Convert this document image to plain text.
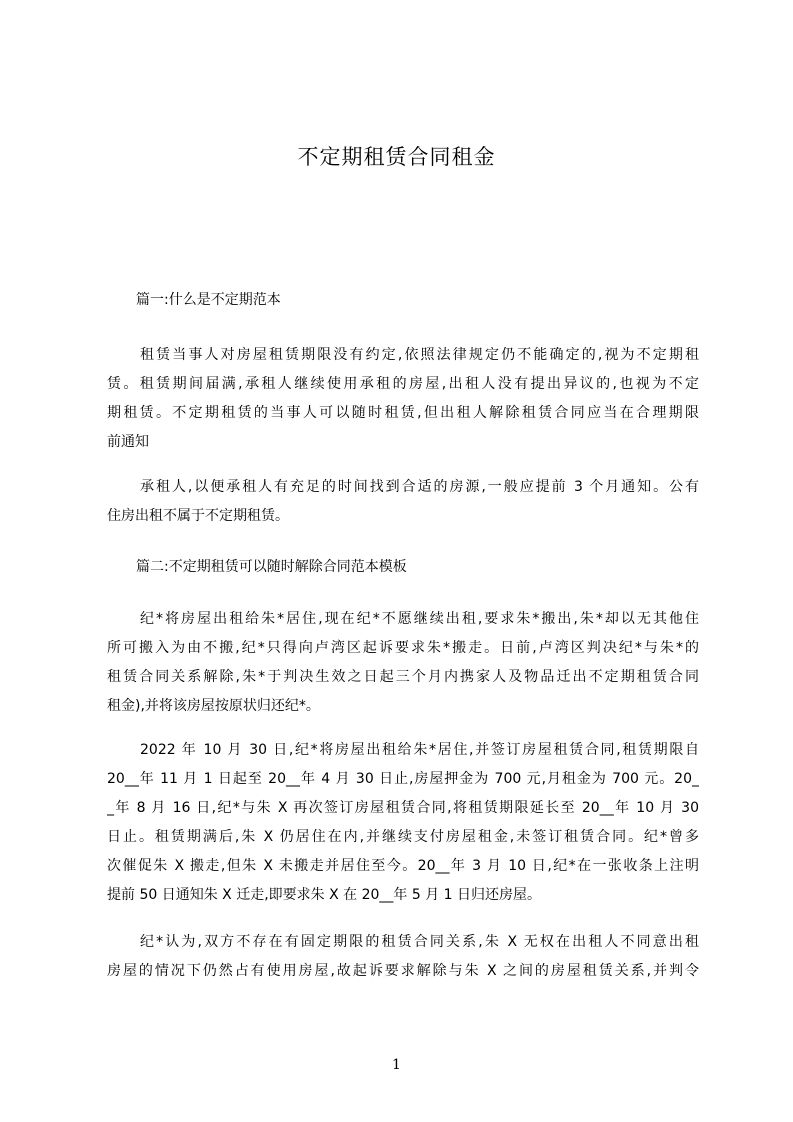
不定期租赁合同租金
篇一:什么是不定期范本
租赁当事人对房屋租赁期限没有约定,依照法律规定仍不能确定的,视为不定期租
赁。租赁期间届满,承租人继续使用承租的房屋,出租人没有提出异议的,也视为不定
期租赁。不定期租赁的当事人可以随时租赁,但出租人解除租赁合同应当在合理期限
前通知
承租人,以便承租人有充足的时间找到合适的房源,一般应提前 3 个月通知。公有
住房出租不属于不定期租赁。
篇二:不定期租赁可以随时解除合同范本模板
纪*将房屋出租给朱*居住,现在纪*不愿继续出租,要求朱*搬出,朱*却以无其他住
所可搬入为由不搬,纪*只得向卢湾区起诉要求朱*搬走。日前,卢湾区判决纪*与朱*的
租赁合同关系解除,朱*于判决生效之日起三个月内携家人及物品迁出不定期租赁合同
租金),并将该房屋按原状归还纪*。
2022 年 10 月 30 日,纪*将房屋出租给朱*居住,并签订房屋租赁合同,租赁期限自
20__年 11 月 1 日起至 20__年 4 月 30 日止,房屋押金为 700 元,月租金为 700 元。20_
_年 8 月 16 日,纪*与朱 X 再次签订房屋租赁合同,将租赁期限延长至 20__年 10 月 30
日止。租赁期满后,朱 X 仍居住在内,并继续支付房屋租金,未签订租赁合同。纪*曾多
次催促朱 X 搬走,但朱 X 未搬走并居住至今。20__年 3 月 10 日,纪*在一张收条上注明
提前 50 日通知朱 X 迁走,即要求朱 X 在 20__年 5 月 1 日归还房屋。
纪*认为,双方不存在有固定期限的租赁合同关系,朱 X 无权在出租人不同意出租
房屋的情况下仍然占有使用房屋,故起诉要求解除与朱 X 之间的房屋租赁关系,并判令
1
